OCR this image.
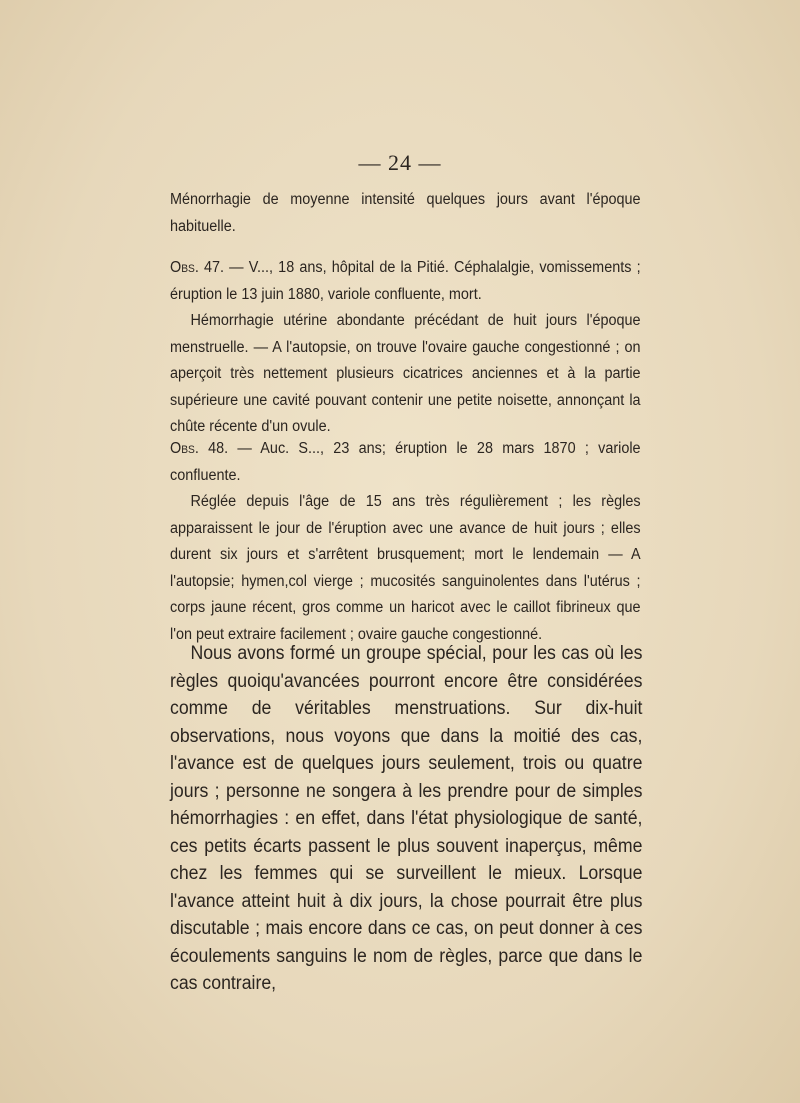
— 24 —

Ménorrhagie de moyenne intensité quelques jours avant l'époque habituelle.

Obs. 47. — V..., 18 ans, hôpital de la Pitié. Céphalalgie, vomissements ; éruption le 13 juin 1880, variole confluente, mort.

Hémorrhagie utérine abondante précédant de huit jours l'époque menstruelle. — A l'autopsie, on trouve l'ovaire gauche congestionné ; on aperçoit très nettement plusieurs cicatrices anciennes et à la partie supérieure une cavité pouvant contenir une petite noisette, annonçant la chûte récente d'un ovule.

Obs. 48. — Auc. S..., 23 ans; éruption le 28 mars 1870 ; variole confluente.

Réglée depuis l'âge de 15 ans très régulièrement ; les règles apparaissent le jour de l'éruption avec une avance de huit jours ; elles durent six jours et s'arrêtent brusquement; mort le lendemain — A l'autopsie; hymen,col vierge ; mucosités sanguinolentes dans l'utérus ; corps jaune récent, gros comme un haricot avec le caillot fibrineux que l'on peut extraire facilement ; ovaire gauche congestionné.

Nous avons formé un groupe spécial, pour les cas où les règles quoiqu'avancées pourront encore être considérées comme de véritables menstruations. Sur dix-huit observations, nous voyons que dans la moitié des cas, l'avance est de quelques jours seulement, trois ou quatre jours ; personne ne songera à les prendre pour de simples hémorrhagies : en effet, dans l'état physiologique de santé, ces petits écarts passent le plus souvent inaperçus, même chez les femmes qui se surveillent le mieux. Lorsque l'avance atteint huit à dix jours, la chose pourrait être plus discutable ; mais encore dans ce cas, on peut donner à ces écoulements sanguins le nom de règles, parce que dans le cas contraire,
